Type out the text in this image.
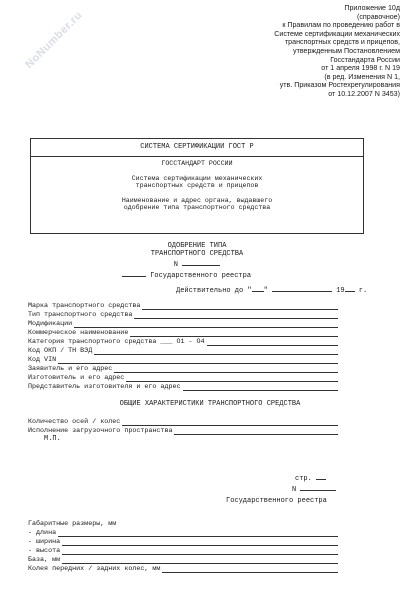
NoNumber.ru
Приложение 10д
(справочное)
к Правилам по проведению работ в
Системе сертификации механических
транспортных средств и прицепов,
утвержденным Постановлением
Госстандарта России
от 1 апреля 1998 г. N 19
(в ред. Изменения N 1,
утв. Приказом Ростехрегулирования
от 10.12.2007 N 3453)
СИСТЕМА СЕРТИФИКАЦИИ ГОСТ Р
ГОССТАНДАРТ РОССИИ
Система сертификации механических
транспортных средств и прицепов
Наименование и адрес органа, выдавшего
одобрение типа транспортного средства
ОДОБРЕНИЕ ТИПА
ТРАНСПОРТНОГО СРЕДСТВА
N
Государственного реестра
Действительно до " "	19 г.
Марка транспортного средства
Тип транспортного средства
Модификации
Коммерческое наименование
Категория транспортного средства ___ O1 - O4
Код ОКП / ТН ВЭД
Код VIN
Заявитель и его адрес
Изготовитель и его адрес
Представитель изготовителя и его адрес
ОБЩИЕ ХАРАКТЕРИСТИКИ ТРАНСПОРТНОГО СРЕДСТВА
Количество осей / колес
Исполнение загрузочного пространства
М.П.
стр.
N
Государственного реестра
Габаритные размеры, мм
- длина
- ширина
- высота
База, мм
Колея передних / задних колес, мм
